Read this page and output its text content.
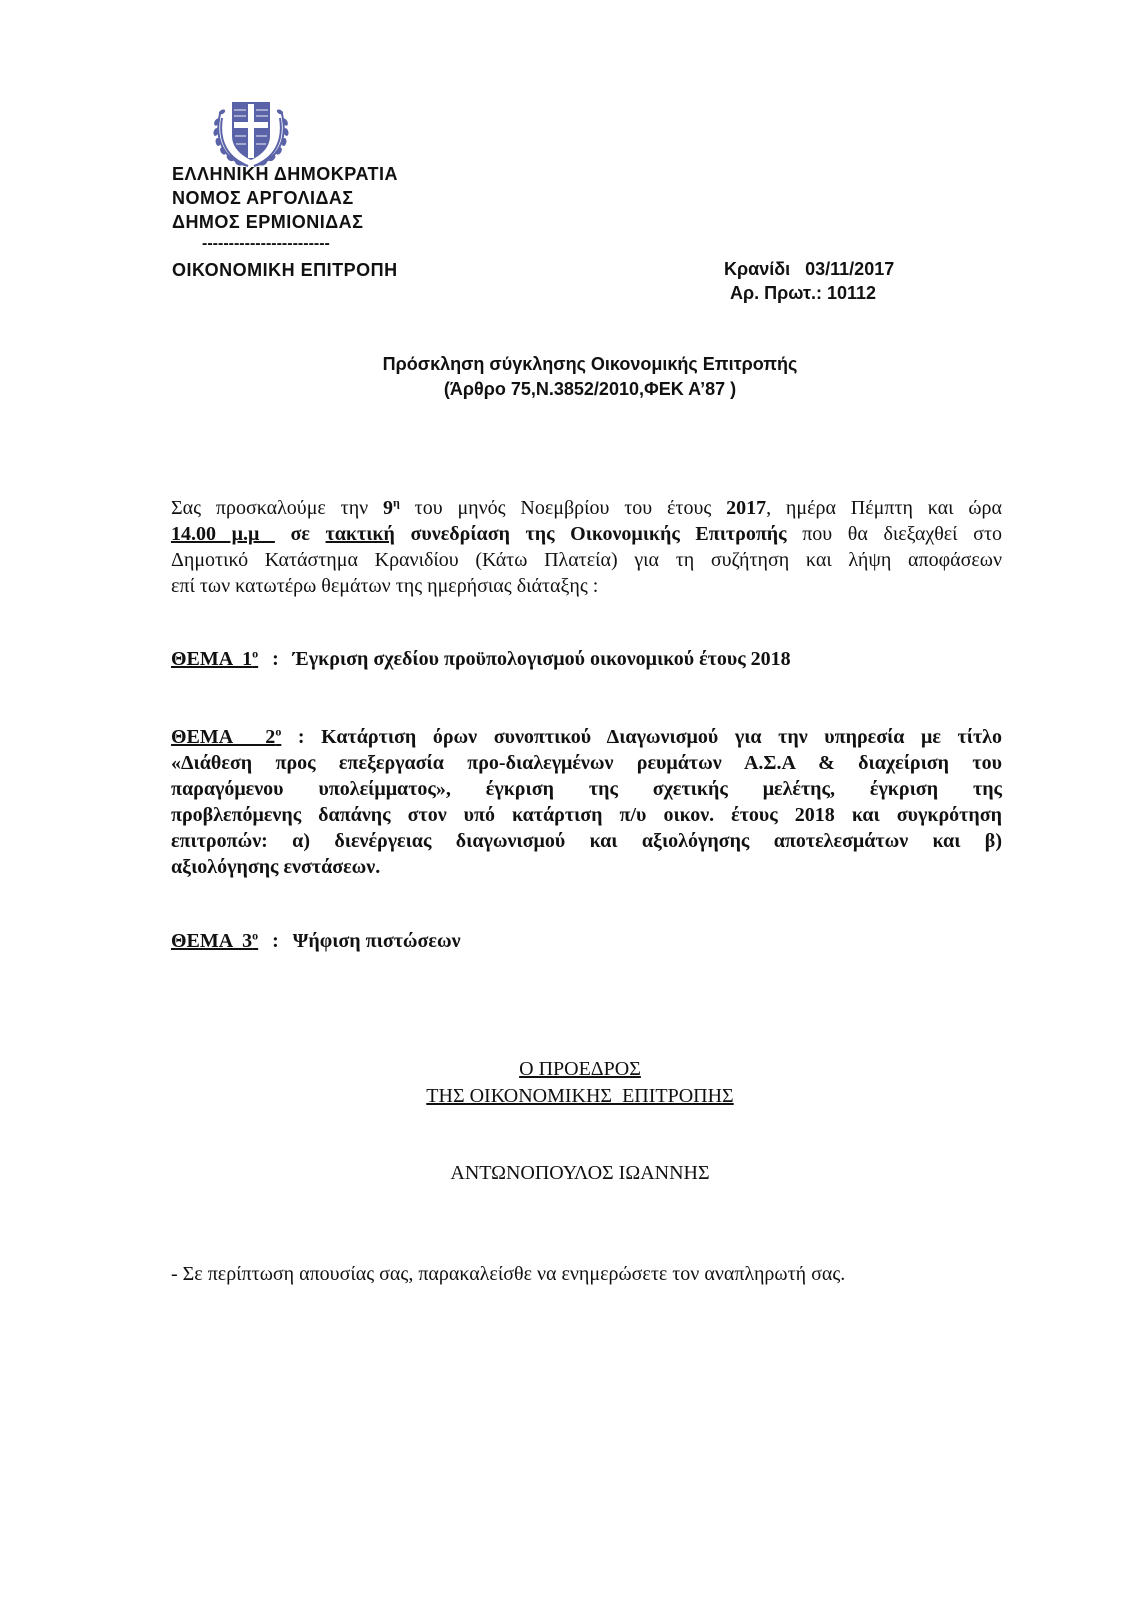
ΕΛΛΗΝΙΚΗ ΔΗΜΟΚΡΑΤΙΑ
ΝΟΜΟΣ ΑΡΓΟΛΙΔΑΣ
ΔΗΜΟΣ ΕΡΜΙΟΝΙΔΑΣ
------------------------
ΟΙΚΟΝΟΜΙΚΗ ΕΠΙΤΡΟΠΗ	Κρανίδι   03/11/2017
Αρ. Πρωτ.: 10112
Πρόσκληση σύγκλησης Οικονομικής Επιτροπής
(Άρθρο 75,Ν.3852/2010,ΦΕΚ Α’87 )
Σας προσκαλούμε την $9^\eta$ του μηνός Νοεμβρίου του έτους 2017, ημέρα Πέμπτη και ώρα
14.00 μ.μ  σε τακτική συνεδρίαση της Οικονομικής Επιτροπής που θα διεξαχθεί στο
Δημοτικό Κατάστημα Κρανιδίου (Κάτω Πλατεία) για τη συζήτηση και λήψη αποφάσεων
επί των κατωτέρω θεμάτων της ημερήσιας διάταξης :
ΘΕΜΑ  $1^o$ : Έγκριση σχεδίου προϋπολογισμού οικονομικού έτους 2018
ΘΕΜΑ  $2^o$ : Κατάρτιση όρων συνοπτικού Διαγωνισμού για την υπηρεσία με τίτλο
«Διάθεση προς επεξεργασία προ-διαλεγμένων ρευμάτων Α.Σ.Α & διαχείριση του
παραγόμενου υπολείμματος», έγκριση της σχετικής μελέτης, έγκριση της
προβλεπόμενης δαπάνης στον υπό κατάρτιση π/υ οικον. έτους 2018 και συγκρότηση
επιτροπών: α) διενέργειας διαγωνισμού και αξιολόγησης αποτελεσμάτων και β)
αξιολόγησης ενστάσεων.
ΘΕΜΑ  $3^o$ : Ψήφιση πιστώσεων
Ο ΠΡΟΕΔΡΟΣ
ΤΗΣ ΟΙΚΟΝΟΜΙΚΗΣ  ΕΠΙΤΡΟΠΗΣ
ΑΝΤΩΝΟΠΟΥΛΟΣ ΙΩΑΝΝΗΣ
- Σε περίπτωση απουσίας σας, παρακαλείσθε να ενημερώσετε τον αναπληρωτή σας.
